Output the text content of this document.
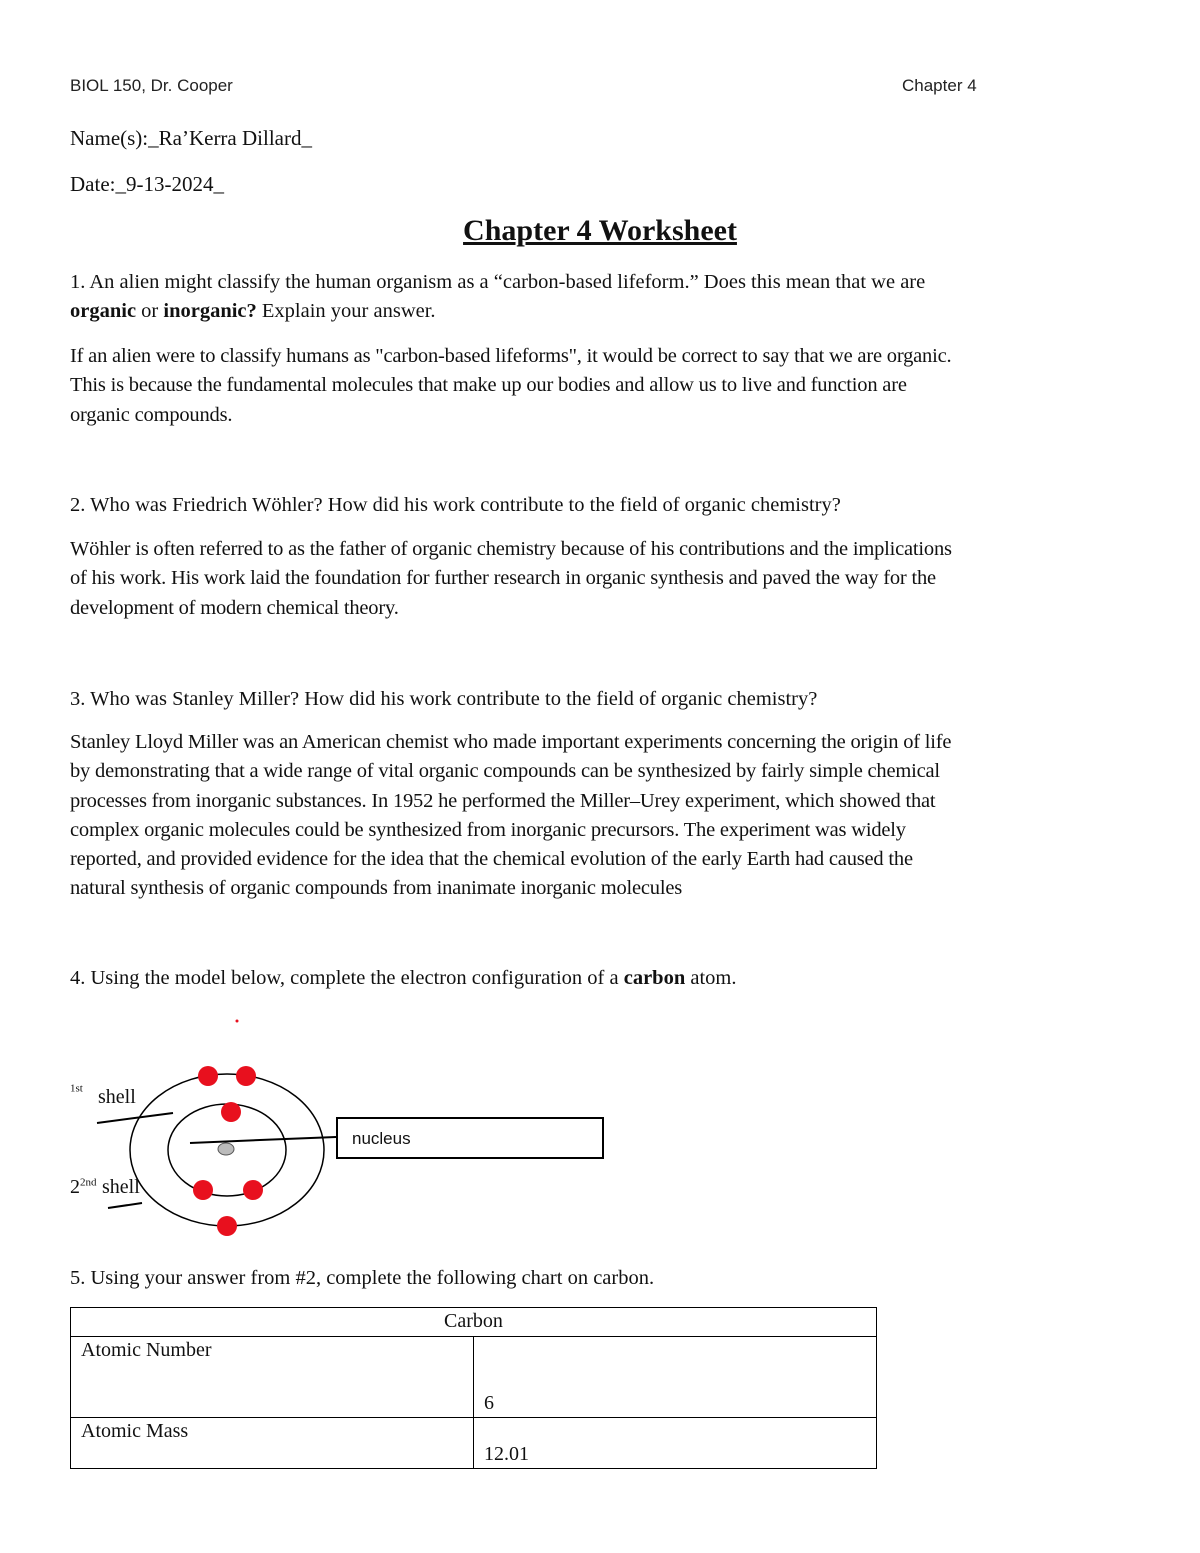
BIOL 150, Dr. Cooper	Chapter 4
Name(s):_Ra’Kerra Dillard_
Date:_9-13-2024_
Chapter 4 Worksheet
1. An alien might classify the human organism as a “carbon-based lifeform.” Does this mean that we are
organic or inorganic? Explain your answer.
If an alien were to classify humans as "carbon-based lifeforms", it would be correct to say that we are organic.
This is because the fundamental molecules that make up our bodies and allow us to live and function are
organic compounds.
2. Who was Friedrich Wöhler? How did his work contribute to the field of organic chemistry?
Wöhler is often referred to as the father of organic chemistry because of his contributions and the implications
of his work. His work laid the foundation for further research in organic synthesis and paved the way for the
development of modern chemical theory.
3. Who was Stanley Miller? How did his work contribute to the field of organic chemistry?
Stanley Lloyd Miller was an American chemist who made important experiments concerning the origin of life
by demonstrating that a wide range of vital organic compounds can be synthesized by fairly simple chemical
processes from inorganic substances. In 1952 he performed the Miller–Urey experiment, which showed that
complex organic molecules could be synthesized from inorganic precursors. The experiment was widely
reported, and provided evidence for the idea that the chemical evolution of the early Earth had caused the
natural synthesis of organic compounds from inanimate inorganic molecules
4. Using the model below, complete the electron configuration of a carbon atom.
$^{1st}$ shell
$2^{2nd}$ shell
nucleus
5. Using your answer from #2, complete the following chart on carbon.
Carbon	
Atomic Number	6
Atomic Mass	12.01
